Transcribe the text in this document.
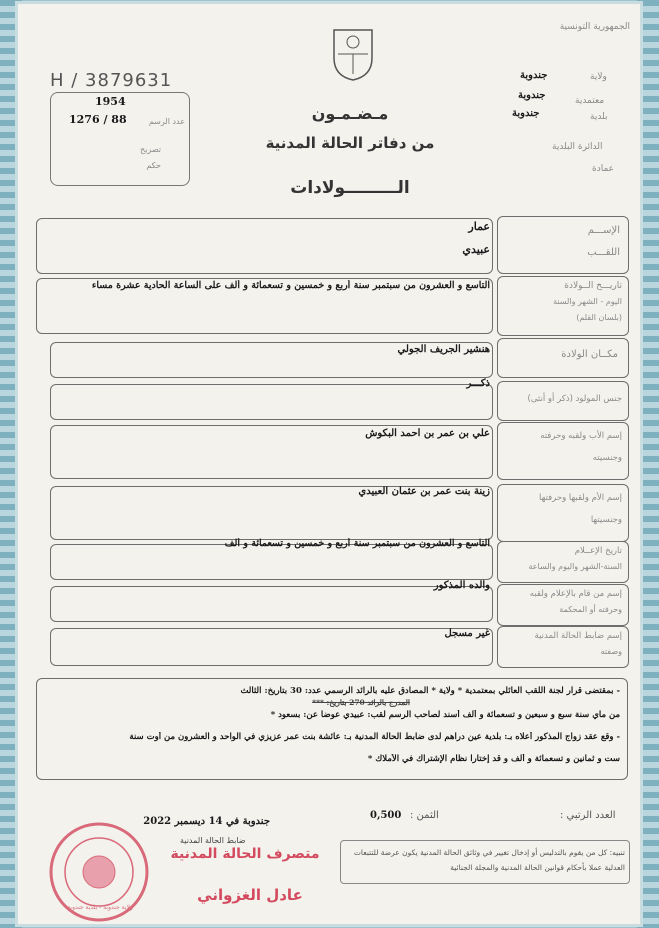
الجمهورية التونسية
H / 3879631
1954
1276 / 88	عدد الرسم
تصريح
حكم
ولاية
جندوبة
معتمدية
جندوبة
بلدية
جندوبة
الدائرة البلدية
عمادة
مـضـمـون
من دفاتر الحالة المدنية
الـــــــــولادات
الإســـم
اللقـــب
عمار
عبيدي
تاريـــخ الــولادة
اليوم - الشهر والسنة
(بلسان القلم)
التاسع و العشرون من سبتمبر سنة أربع و خمسين و تسعمائة و ألف على الساعة الحادية عشرة مساء
مكــان الولادة
هنشير الجريف الجولي
جنس المولود (ذكر أو أنثى)
ذكـــر
إسم الأب ولقبه وحرفته
وجنسيته
علي بن عمر بن احمد البكوش
إسم الأم ولقبها وحرفتها
وجنسيتها
زينة بنت عمر بن عثمان العبيدي
تاريخ الإعــلام
السنة-الشهر واليوم والساعة
التاسع و العشرون من سبتمبر سنة أربع و خمسين و تسعمائة و ألف
إسم من قام بالإعلام ولقبه
وحرفته أو المحكمة
والده المذكور
إسم ضابط الحالة المدنية
وصفته
غير مسجل
- بمقتضى قرار لجنة اللقب العائلي بمعتمدية * ولاية * المصادق عليه بالرائد الرسمي عدد: 30 بتاريخ: الثالث
المدرج بالرائد 270 بتاريخ: ***
من ماي سنة سبع و سبعين و تسعمائة و ألف أسند لصاحب الرسم لقب: عبيدي عوضا عن: بسعود *
- وقع عقد زواج المذكور أعلاه بـ: بلدية عين دراهم لدى ضابط الحالة المدنية بـ: عائشة بنت عمر عزيزي في الواحد و العشرون من أوت سنة
ست و ثمانين و تسعمائة و ألف و قد إختارا نظام الإشتراك في الأملاك *
العدد الرتبي :
الثمن :
0,500
جندوبة في 14 ديسمبر 2022
ضابط الحالة المدنية
ولاية جندوبة - بلدية جندوبة
متصرف الحالة المدنية
عادل الغزواني
تنبيه: كل من يقوم بالتدليس أو إدخال تغيير في وثائق الحالة المدنية يكون عرضة للتتبعات العدلية عملا بأحكام قوانين الحالة المدنية والمجلة الجنائية
